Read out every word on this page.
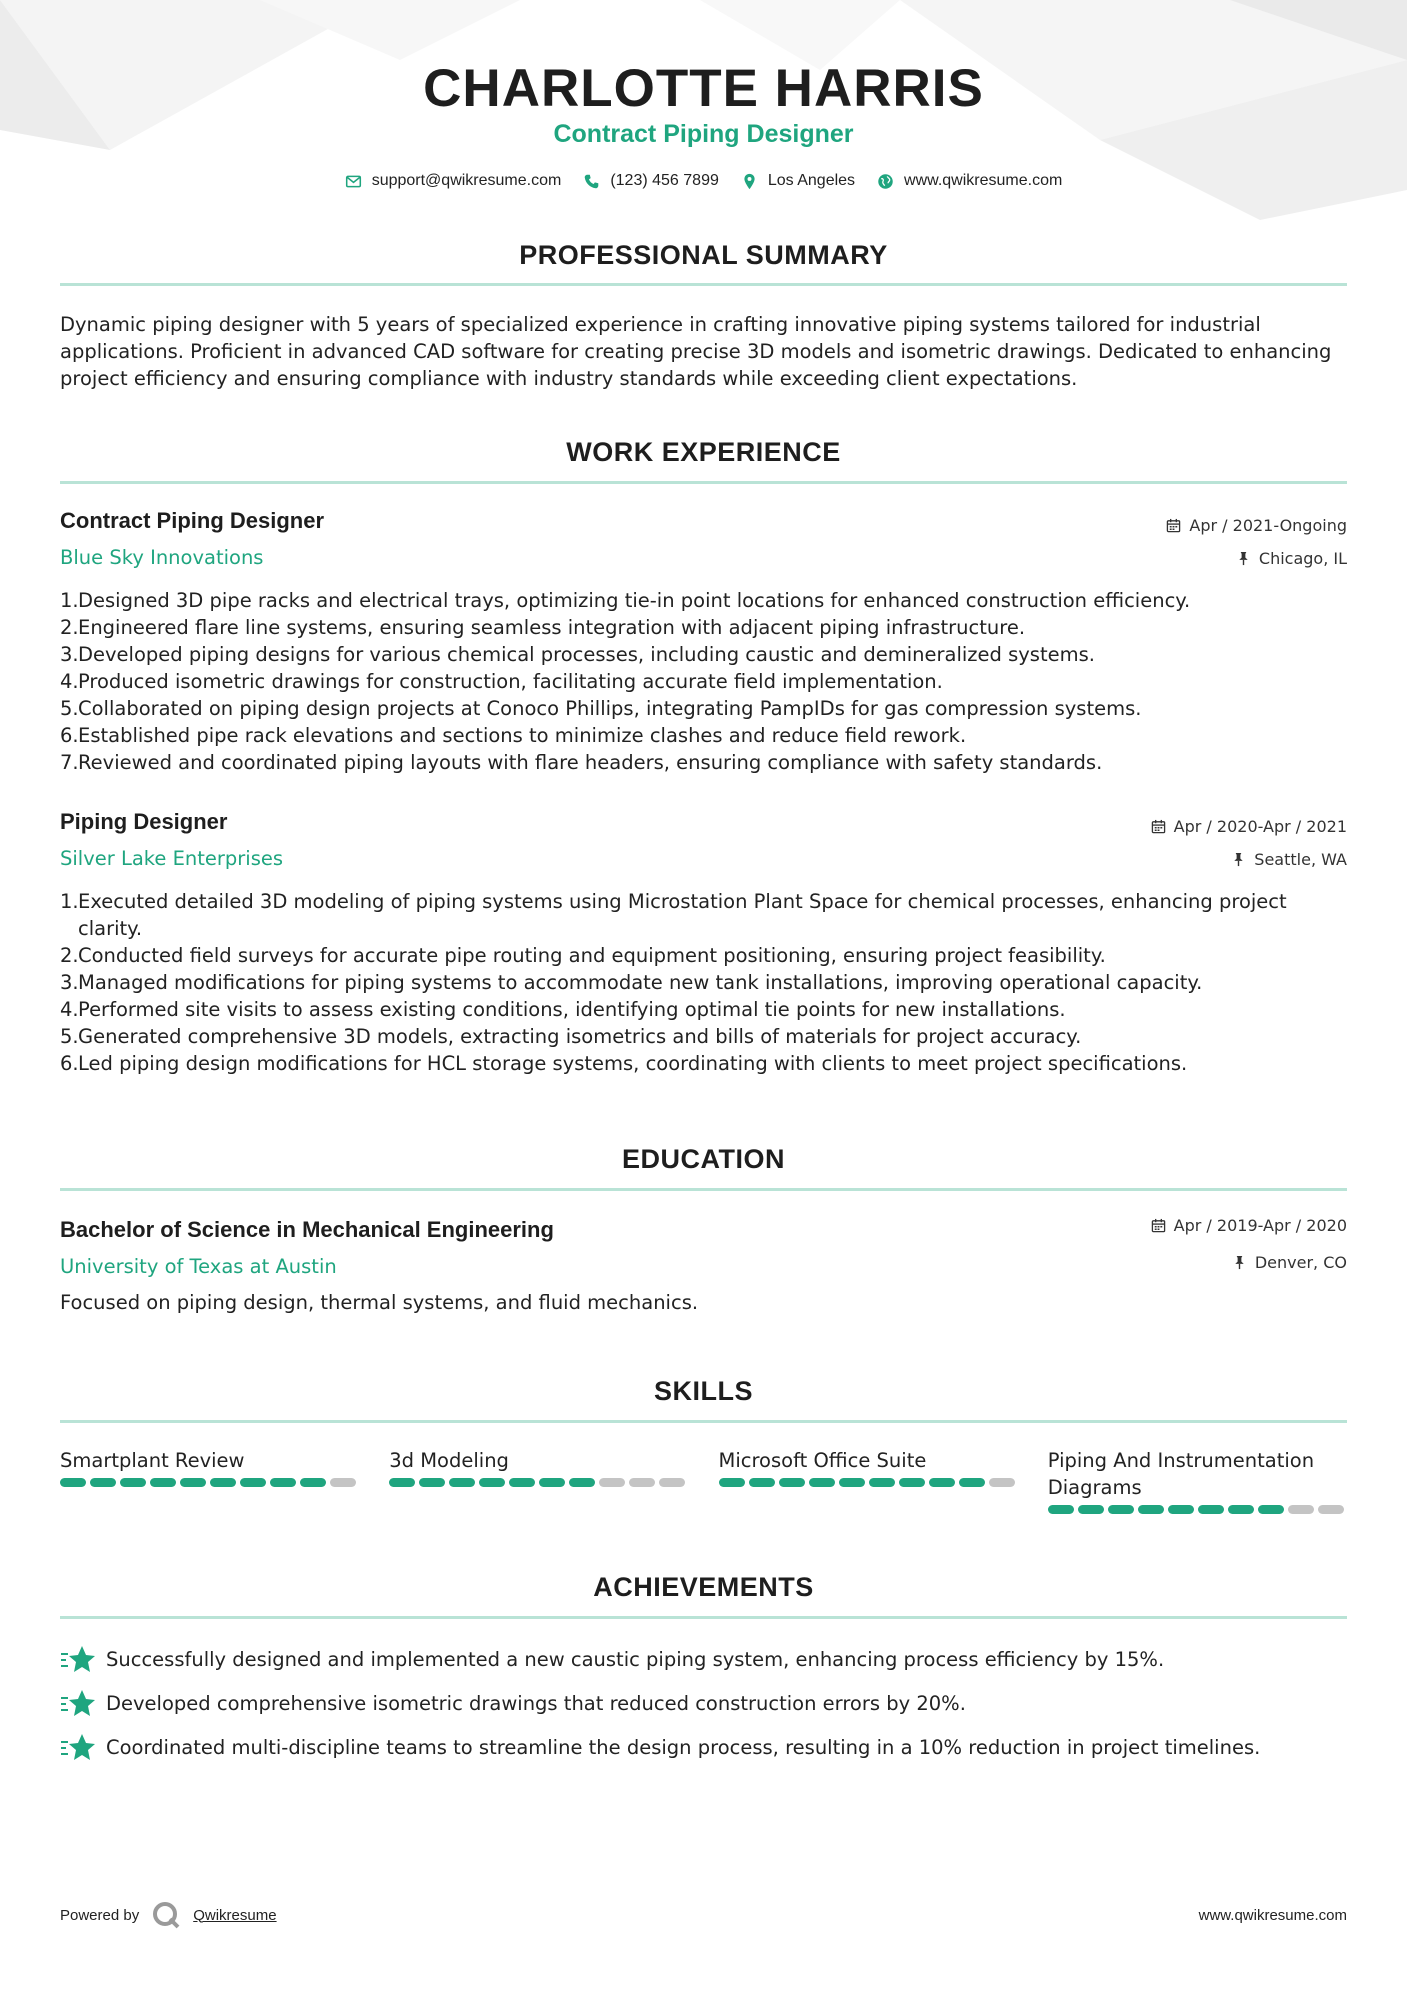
CHARLOTTE HARRIS
Contract Piping Designer
support@qwikresume.com	(123) 456 7899	Los Angeles	www.qwikresume.com
PROFESSIONAL SUMMARY
Dynamic piping designer with 5 years of specialized experience in crafting innovative piping systems tailored for industrial applications. Proficient in advanced CAD software for creating precise 3D models and isometric drawings. Dedicated to enhancing project efficiency and ensuring compliance with industry standards while exceeding client expectations.
WORK EXPERIENCE
Contract Piping Designer	Apr / 2021-Ongoing
Blue Sky Innovations	Chicago, IL
1. Designed 3D pipe racks and electrical trays, optimizing tie-in point locations for enhanced construction efficiency.
2. Engineered flare line systems, ensuring seamless integration with adjacent piping infrastructure.
3. Developed piping designs for various chemical processes, including caustic and demineralized systems.
4. Produced isometric drawings for construction, facilitating accurate field implementation.
5. Collaborated on piping design projects at Conoco Phillips, integrating PampIDs for gas compression systems.
6. Established pipe rack elevations and sections to minimize clashes and reduce field rework.
7. Reviewed and coordinated piping layouts with flare headers, ensuring compliance with safety standards.
Piping Designer	Apr / 2020-Apr / 2021
Silver Lake Enterprises	Seattle, WA
1. Executed detailed 3D modeling of piping systems using Microstation Plant Space for chemical processes, enhancing project clarity.
2. Conducted field surveys for accurate pipe routing and equipment positioning, ensuring project feasibility.
3. Managed modifications for piping systems to accommodate new tank installations, improving operational capacity.
4. Performed site visits to assess existing conditions, identifying optimal tie points for new installations.
5. Generated comprehensive 3D models, extracting isometrics and bills of materials for project accuracy.
6. Led piping design modifications for HCL storage systems, coordinating with clients to meet project specifications.
EDUCATION
Bachelor of Science in Mechanical Engineering	Apr / 2019-Apr / 2020
University of Texas at Austin	Denver, CO
Focused on piping design, thermal systems, and fluid mechanics.
SKILLS
Smartplant Review	3d Modeling	Microsoft Office Suite	Piping And Instrumentation Diagrams
ACHIEVEMENTS
Successfully designed and implemented a new caustic piping system, enhancing process efficiency by 15%.
Developed comprehensive isometric drawings that reduced construction errors by 20%.
Coordinated multi-discipline teams to streamline the design process, resulting in a 10% reduction in project timelines.
Powered by	Qwikresume	www.qwikresume.com
